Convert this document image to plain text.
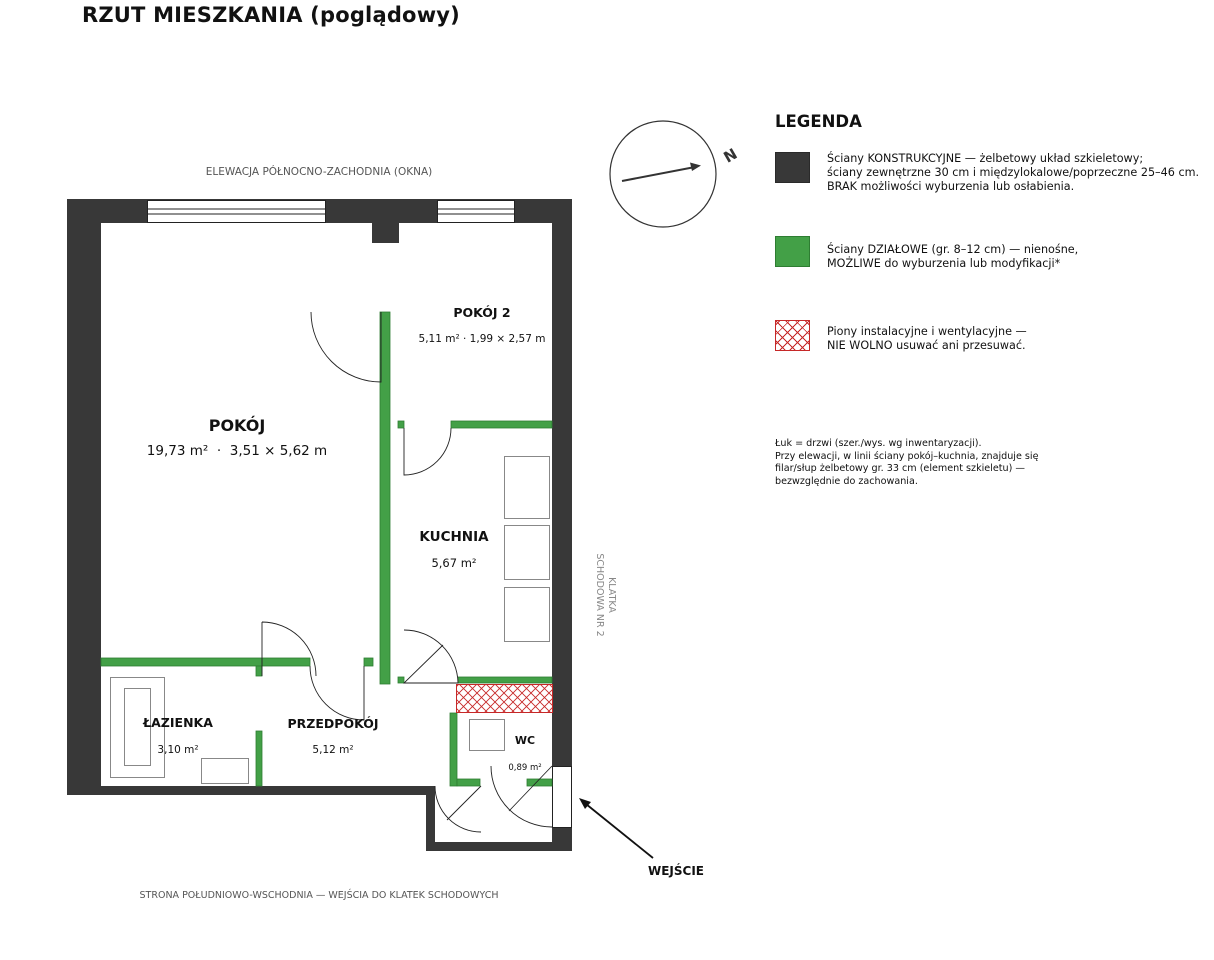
RZUT MIESZKANIA (poglądowy)
POKÓJ
19,73 m²  ·  3,51 × 5,62 m
POKÓJ 2
5,11 m² · 1,99 × 2,57 m
KUCHNIA
5,67 m²
ŁAZIENKA
3,10 m²
PRZEDPOKÓJ
5,12 m²
WC
0,89 m²
ELEWACJA PÓŁNOCNO-ZACHODNIA (OKNA)
STRONA POŁUDNIOWO-WSCHODNIA — WEJŚCIA DO KLATEK SCHODOWYCH
KLATKA
SCHODOWA NR 2
N
WEJŚCIE
LEGENDA
Ściany KONSTRUKCYJNE — żelbetowy układ szkieletowy;
ściany zewnętrzne 30 cm i międzylokalowe/poprzeczne 25–46 cm.
BRAK możliwości wyburzenia lub osłabienia.
Ściany DZIAŁOWE (gr. 8–12 cm) — nienośne,
MOŻLIWE do wyburzenia lub modyfikacji*
Piony instalacyjne i wentylacyjne —
NIE WOLNO usuwać ani przesuwać.
Łuk = drzwi (szer./wys. wg inwentaryzacji).
Przy elewacji, w linii ściany pokój–kuchnia, znajduje się
filar/słup żelbetowy gr. 33 cm (element szkieletu) —
bezwzględnie do zachowania.
